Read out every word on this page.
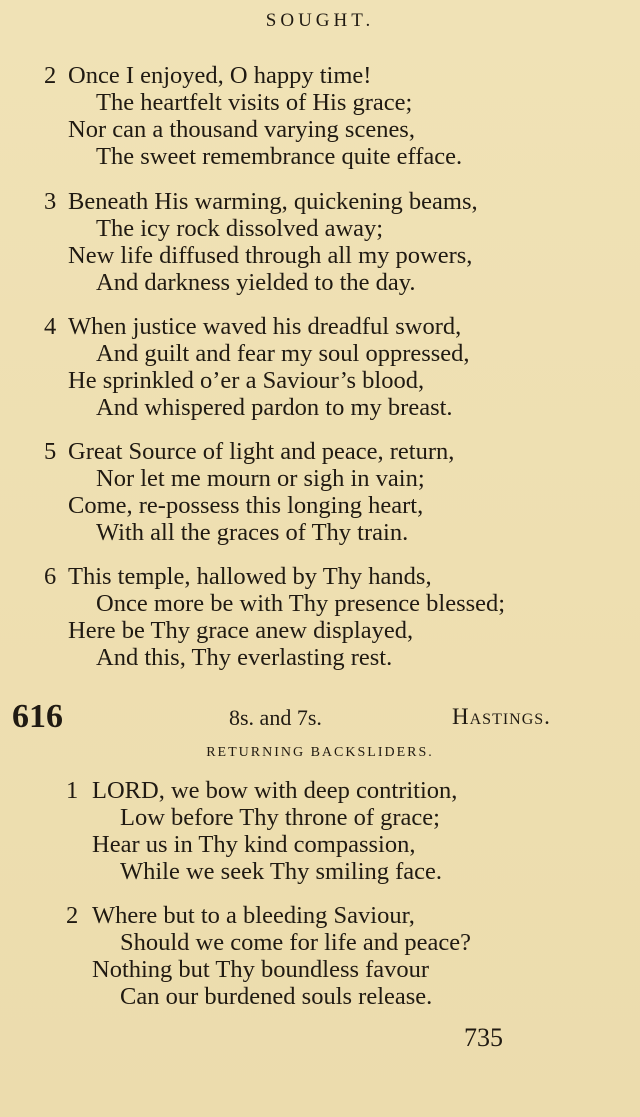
SOUGHT.
2 Once I enjoyed, O happy time!
The heartfelt visits of His grace;
Nor can a thousand varying scenes,
The sweet remembrance quite efface.
3 Beneath His warming, quickening beams,
The icy rock dissolved away;
New life diffused through all my powers,
And darkness yielded to the day.
4 When justice waved his dreadful sword,
And guilt and fear my soul oppressed,
He sprinkled o’er a Saviour’s blood,
And whispered pardon to my breast.
5 Great Source of light and peace, return,
Nor let me mourn or sigh in vain;
Come, re-possess this longing heart,
With all the graces of Thy train.
6 This temple, hallowed by Thy hands,
Once more be with Thy presence blessed;
Here be Thy grace anew displayed,
And this, Thy everlasting rest.
616	8s. and 7s.	Hastings.
RETURNING BACKSLIDERS.
1 LORD, we bow with deep contrition,
Low before Thy throne of grace;
Hear us in Thy kind compassion,
While we seek Thy smiling face.
2 Where but to a bleeding Saviour,
Should we come for life and peace?
Nothing but Thy boundless favour
Can our burdened souls release.
735
